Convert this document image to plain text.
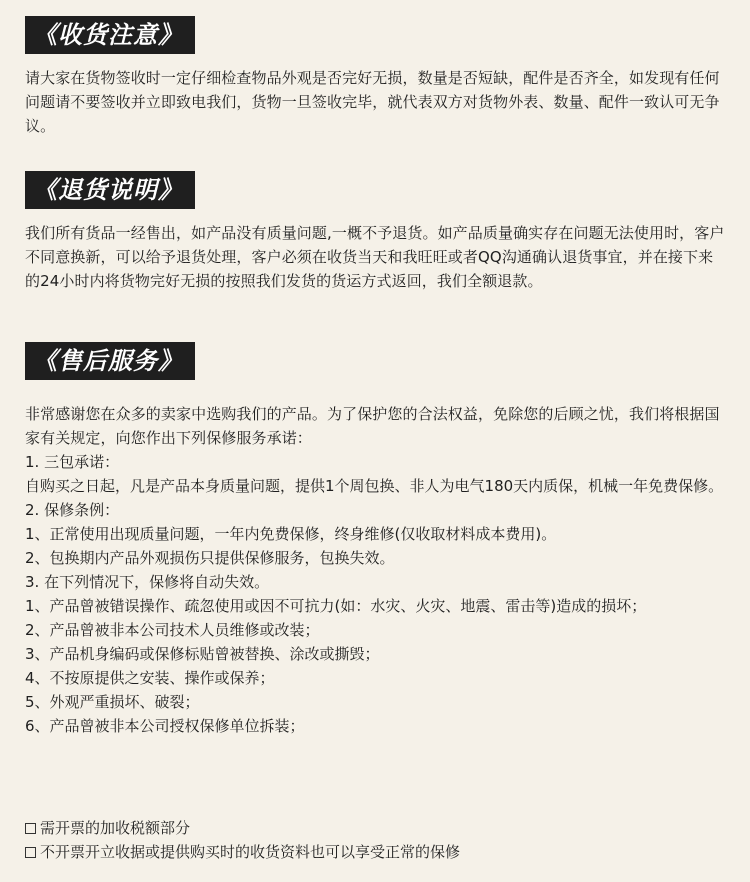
《收货注意》

请大家在货物签收时一定仔细检查物品外观是否完好无损，数量是否短缺，配件是否齐全，如发现有任何问题请不要签收并立即致电我们，货物一旦签收完毕，就代表双方对货物外表、数量、配件一致认可无争议。

《退货说明》

我们所有货品一经售出，如产品没有质量问题,一概不予退货。如产品质量确实存在问题无法使用时，客户不同意换新，可以给予退货处理，客户必须在收货当天和我旺旺或者QQ沟通确认退货事宜，并在接下来的24小时内将货物完好无损的按照我们发货的货运方式返回，我们全额退款。

《售后服务》

非常感谢您在众多的卖家中选购我们的产品。为了保护您的合法权益，免除您的后顾之忧，我们将根据国家有关规定，向您作出下列保修服务承诺：

1. 三包承诺：
自购买之日起，凡是产品本身质量问题，提供1个周包换、非人为电气180天内质保，机械一年免费保修。
2. 保修条例：
1、正常使用出现质量问题，一年内免费保修，终身维修(仅收取材料成本费用)。
2、包换期内产品外观损伤只提供保修服务，包换失效。
3. 在下列情况下，保修将自动失效。
1、产品曾被错误操作、疏忽使用或因不可抗力(如：水灾、火灾、地震、雷击等)造成的损坏；
2、产品曾被非本公司技术人员维修或改装；
3、产品机身编码或保修标贴曾被替换、涂改或撕毁；
4、不按原提供之安装、操作或保养；
5、外观严重损坏、破裂；
6、产品曾被非本公司授权保修单位拆装；
需开票的加收税额部分
不开票开立收据或提供购买时的收货资料也可以享受正常的保修
